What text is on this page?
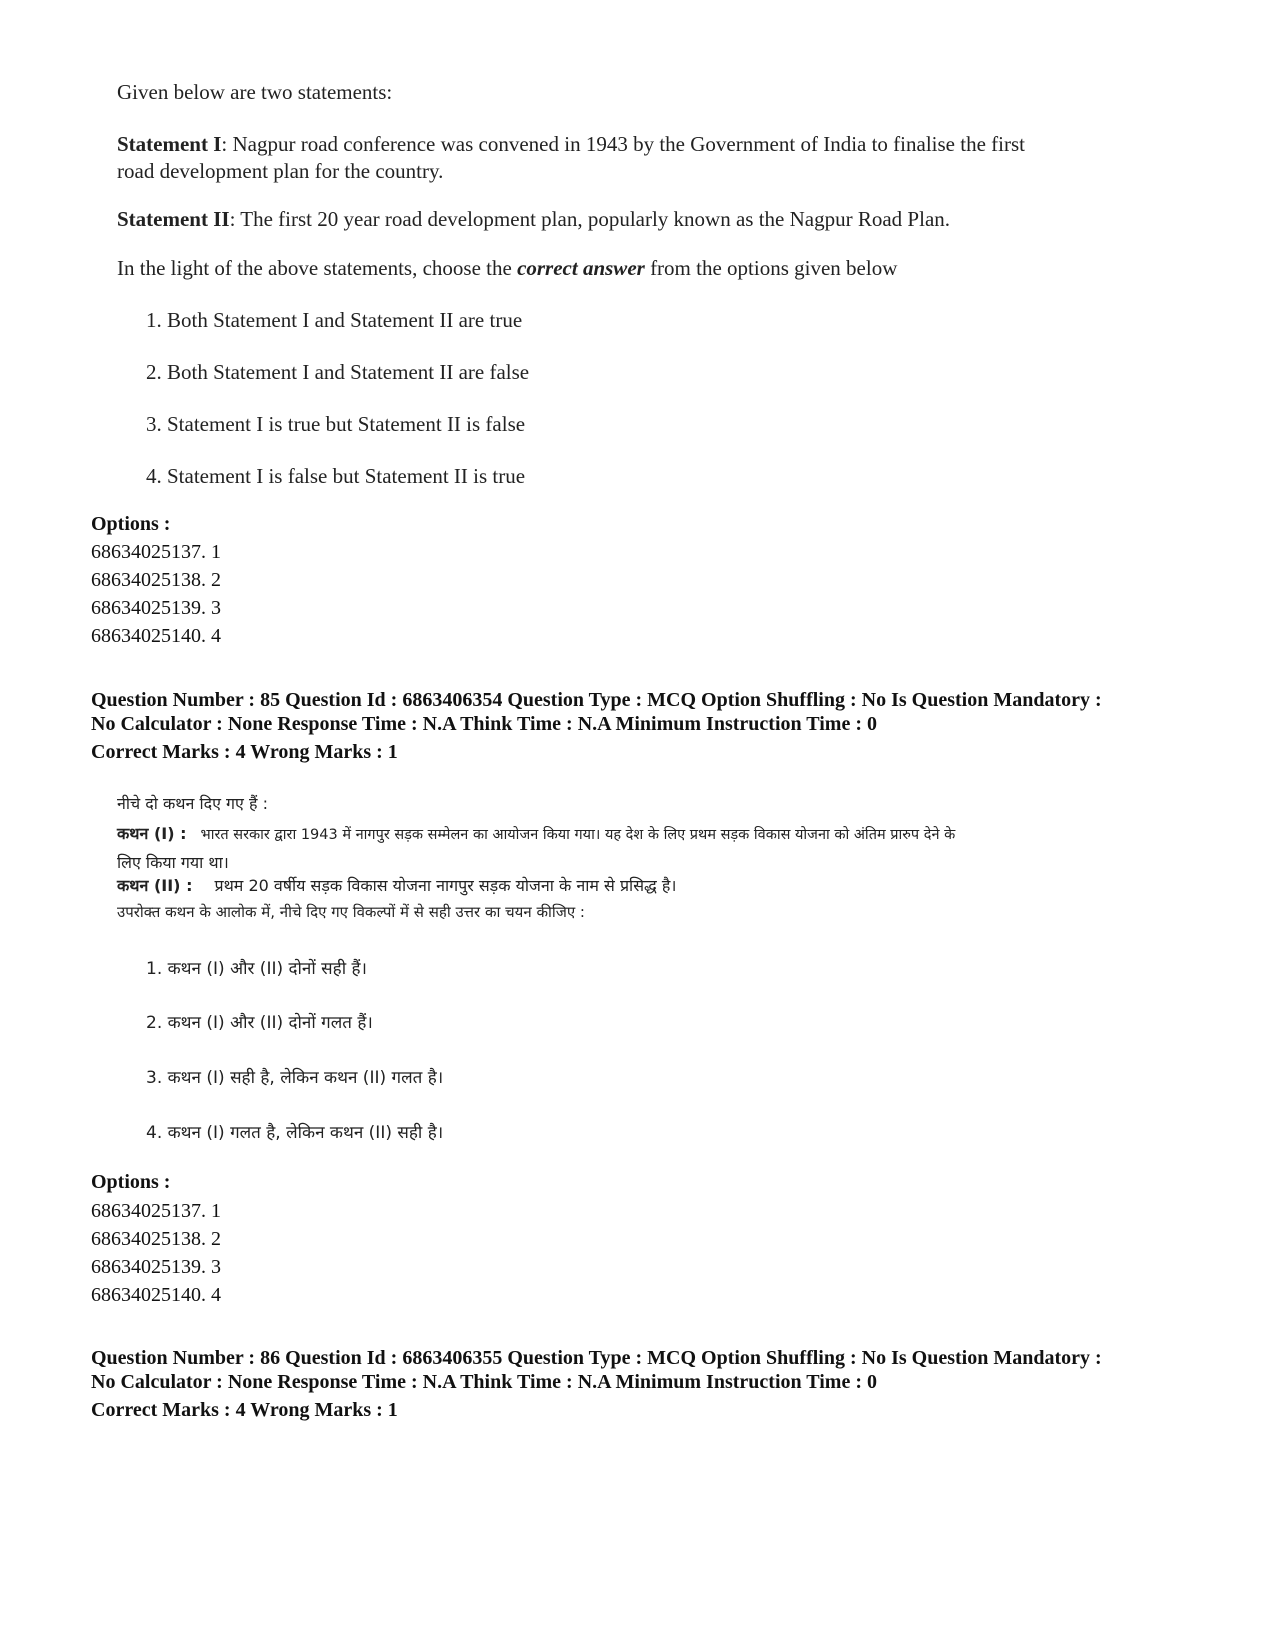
Given below are two statements:
Statement I: Nagpur road conference was convened in 1943 by the Government of India to finalise the first
road development plan for the country.
Statement II: The first 20 year road development plan, popularly known as the Nagpur Road Plan.
In the light of the above statements, choose the correct answer from the options given below
1. Both Statement I and Statement II are true
2. Both Statement I and Statement II are false
3. Statement I is true but Statement II is false
4. Statement I is false but Statement II is true
Options :
68634025137. 1
68634025138. 2
68634025139. 3
68634025140. 4
Question Number : 85 Question Id : 6863406354 Question Type : MCQ Option Shuffling : No Is Question Mandatory :
No Calculator : None Response Time : N.A Think Time : N.A Minimum Instruction Time : 0
Correct Marks : 4 Wrong Marks : 1
नीचे दो कथन दिए गए हैं :
कथन (I) : भारत सरकार द्वारा 1943 में नागपुर सड़क सम्मेलन का आयोजन किया गया। यह देश के लिए प्रथम सड़क विकास योजना को अंतिम प्रारुप देने के
लिए किया गया था।
कथन (II) : प्रथम 20 वर्षीय सड़क विकास योजना नागपुर सड़क योजना के नाम से प्रसिद्ध है।
उपरोक्त कथन के आलोक में, नीचे दिए गए विकल्पों में से सही उत्तर का चयन कीजिए :
1. कथन (I) और (II) दोनों सही हैं।
2. कथन (I) और (II) दोनों गलत हैं।
3. कथन (I) सही है, लेकिन कथन (II) गलत है।
4. कथन (I) गलत है, लेकिन कथन (II) सही है।
Options :
68634025137. 1
68634025138. 2
68634025139. 3
68634025140. 4
Question Number : 86 Question Id : 6863406355 Question Type : MCQ Option Shuffling : No Is Question Mandatory :
No Calculator : None Response Time : N.A Think Time : N.A Minimum Instruction Time : 0
Correct Marks : 4 Wrong Marks : 1
